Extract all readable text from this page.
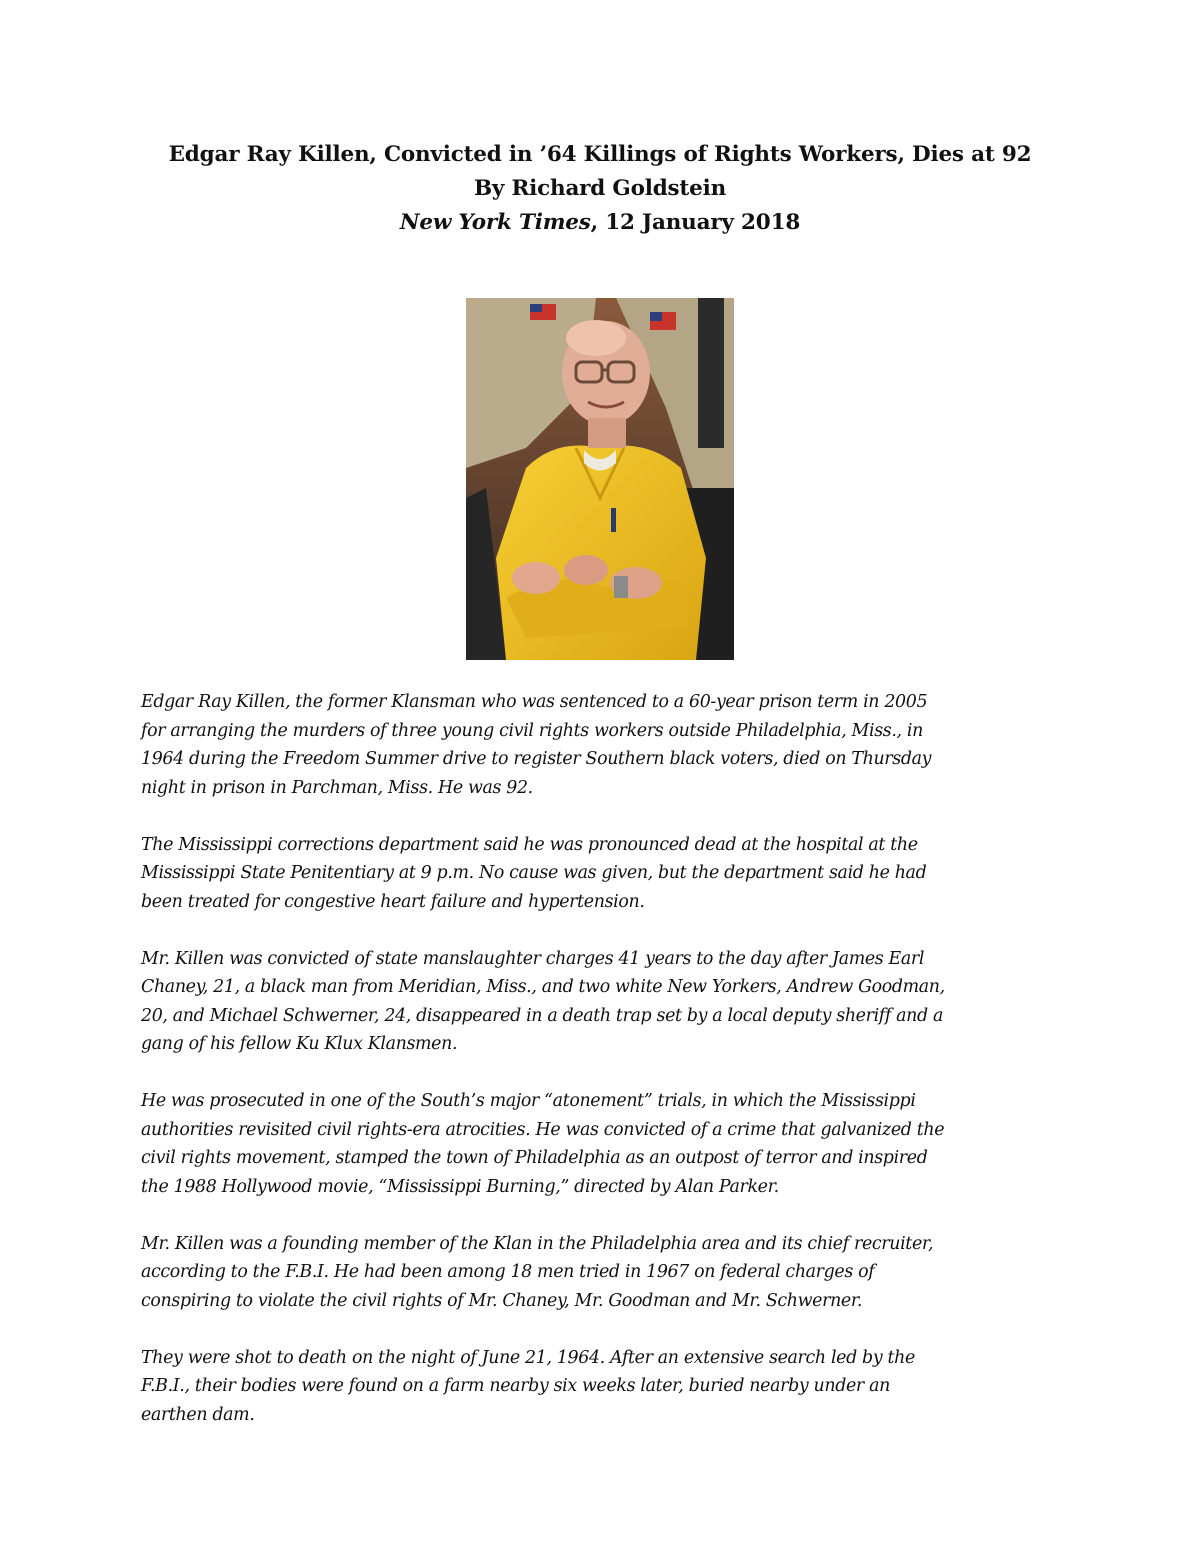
Edgar Ray Killen, Convicted in ’64 Killings of Rights Workers, Dies at 92
By Richard Goldstein
New York Times, 12 January 2018

Edgar Ray Killen, the former Klansman who was sentenced to a 60-year prison term in 2005
for arranging the murders of three young civil rights workers outside Philadelphia, Miss., in
1964 during the Freedom Summer drive to register Southern black voters, died on Thursday
night in prison in Parchman, Miss. He was 92.

The Mississippi corrections department said he was pronounced dead at the hospital at the
Mississippi State Penitentiary at 9 p.m. No cause was given, but the department said he had
been treated for congestive heart failure and hypertension.

Mr. Killen was convicted of state manslaughter charges 41 years to the day after James Earl
Chaney, 21, a black man from Meridian, Miss., and two white New Yorkers, Andrew Goodman,
20, and Michael Schwerner, 24, disappeared in a death trap set by a local deputy sheriff and a
gang of his fellow Ku Klux Klansmen.

He was prosecuted in one of the South’s major “atonement” trials, in which the Mississippi
authorities revisited civil rights-era atrocities. He was convicted of a crime that galvanized the
civil rights movement, stamped the town of Philadelphia as an outpost of terror and inspired
the 1988 Hollywood movie, “Mississippi Burning,” directed by Alan Parker.

Mr. Killen was a founding member of the Klan in the Philadelphia area and its chief recruiter,
according to the F.B.I. He had been among 18 men tried in 1967 on federal charges of
conspiring to violate the civil rights of Mr. Chaney, Mr. Goodman and Mr. Schwerner.

They were shot to death on the night of June 21, 1964. After an extensive search led by the
F.B.I., their bodies were found on a farm nearby six weeks later, buried nearby under an
earthen dam.
